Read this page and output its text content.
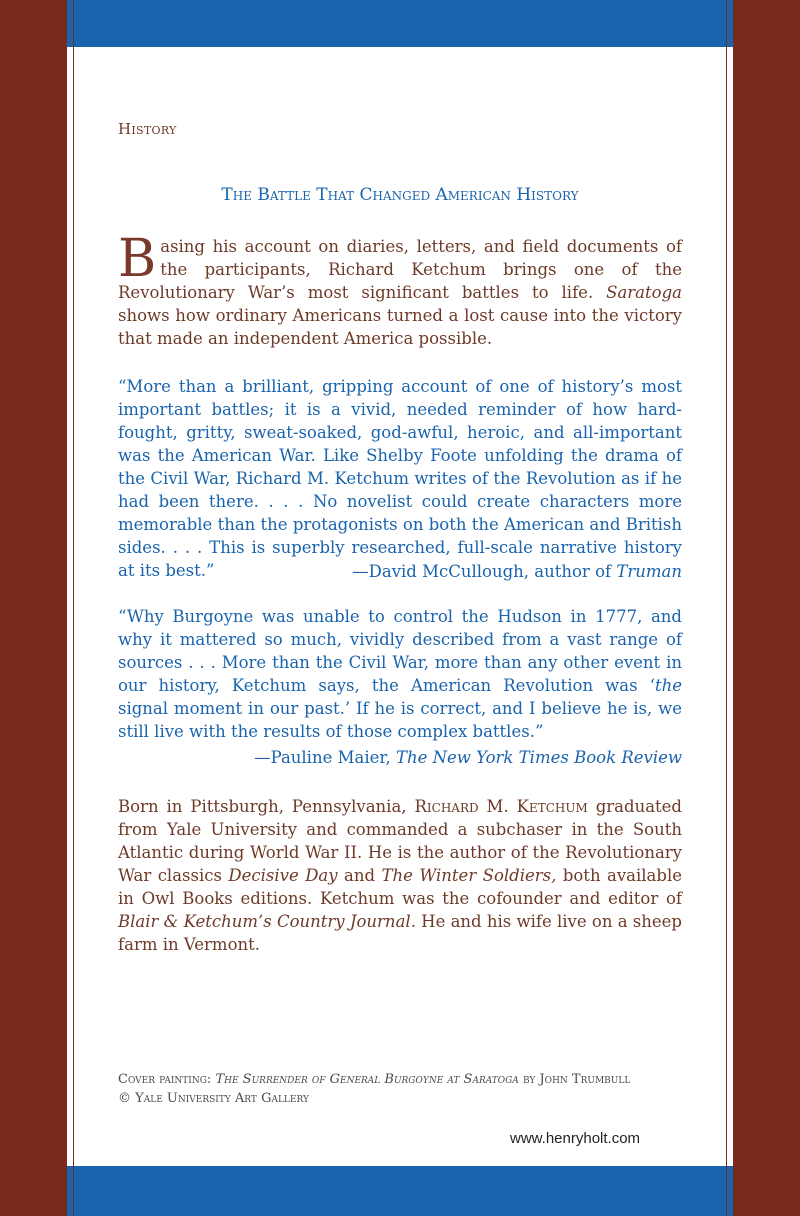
History
The Battle That Changed American History
Basing his account on diaries, letters, and field documents of the participants, Richard Ketchum brings one of the Revolutionary War’s most significant battles to life. Saratoga shows how ordinary Americans turned a lost cause into the victory that made an independent America possible.
“More than a brilliant, gripping account of one of history’s most important battles; it is a vivid, needed reminder of how hard-fought, gritty, sweat-soaked, god-awful, heroic, and all-important was the American War. Like Shelby Foote unfolding the drama of the Civil War, Richard M. Ketchum writes of the Revolution as if he had been there. . . . No novelist could create characters more memorable than the protagonists on both the American and British sides. . . . This is superbly researched, full-scale narrative history at its best.”	—David McCullough, author of Truman
“Why Burgoyne was unable to control the Hudson in 1777, and why it mattered so much, vividly described from a vast range of sources . . . More than the Civil War, more than any other event in our history, Ketchum says, the American Revolution was ‘the signal moment in our past.’ If he is correct, and I believe he is, we still live with the results of those complex battles.”
—Pauline Maier, The New York Times Book Review
Born in Pittsburgh, Pennsylvania, Richard M. Ketchum graduated from Yale University and commanded a subchaser in the South Atlantic during World War II. He is the author of the Revolutionary War classics Decisive Day and The Winter Soldiers, both available in Owl Books editions. Ketchum was the cofounder and editor of Blair & Ketchum’s Country Journal. He and his wife live on a sheep farm in Vermont.
Cover painting: The Surrender of General Burgoyne at Saratoga by John Trumbull
© Yale University Art Gallery
www.henryholt.com
